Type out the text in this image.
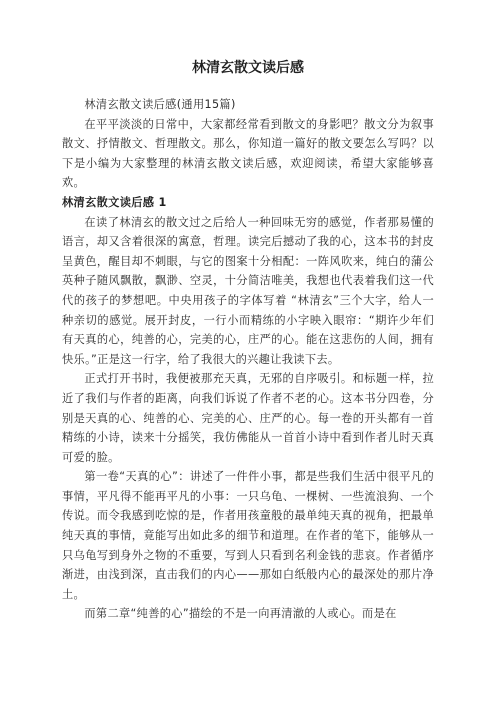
林清玄散文读后感

林清玄散文读后感(通用15篇)

在平平淡淡的日常中，大家都经常看到散文的身影吧？散文分为叙事散文、抒情散文、哲理散文。那么，你知道一篇好的散文要怎么写吗？以下是小编为大家整理的林清玄散文读后感，欢迎阅读，希望大家能够喜欢。

林清玄散文读后感 1

在读了林清玄的散文过之后给人一种回味无穷的感觉，作者那易懂的语言，却又含着很深的寓意，哲理。读完后撼动了我的心，这本书的封皮呈黄色，醒目却不刺眼，与它的图案十分相配：一阵风吹来，纯白的蒲公英种子随风飘散，飘渺、空灵，十分简洁唯美，我想也代表着我们这一代代的孩子的梦想吧。中央用孩子的字体写着 “林清玄”三个大字，给人一种亲切的感觉。展开封皮，一行小而精练的小字映入眼帘：“期许少年们有天真的心，纯善的心，完美的心，庄严的心。能在这悲伤的人间，拥有快乐。”正是这一行字，给了我很大的兴趣让我读下去。

正式打开书时，我便被那充天真，无邪的自序吸引。和标题一样，拉近了我们与作者的距离，向我们诉说了作者不老的心。这本书分四卷，分别是天真的心、纯善的心、完美的心、庄严的心。每一卷的开头都有一首精练的小诗，读来十分摇笑，我仿佛能从一首首小诗中看到作者儿时天真可爱的脸。

第一卷“天真的心”：讲述了一件件小事，都是些我们生活中很平凡的事情，平凡得不能再平凡的小事：一只乌龟、一棵树、一些流浪狗、一个传说。而令我感到吃惊的是，作者用孩童般的最单纯天真的视角，把最单纯天真的事情，竟能写出如此多的细节和道理。在作者的笔下，能够从一只乌龟写到身外之物的不重要，写到人只看到名利金钱的悲哀。作者循序渐进，由浅到深，直击我们的内心——那如白纸般内心的最深处的那片净土。

而第二章“纯善的心”描绘的不是一向再清澈的人或心。而是在
